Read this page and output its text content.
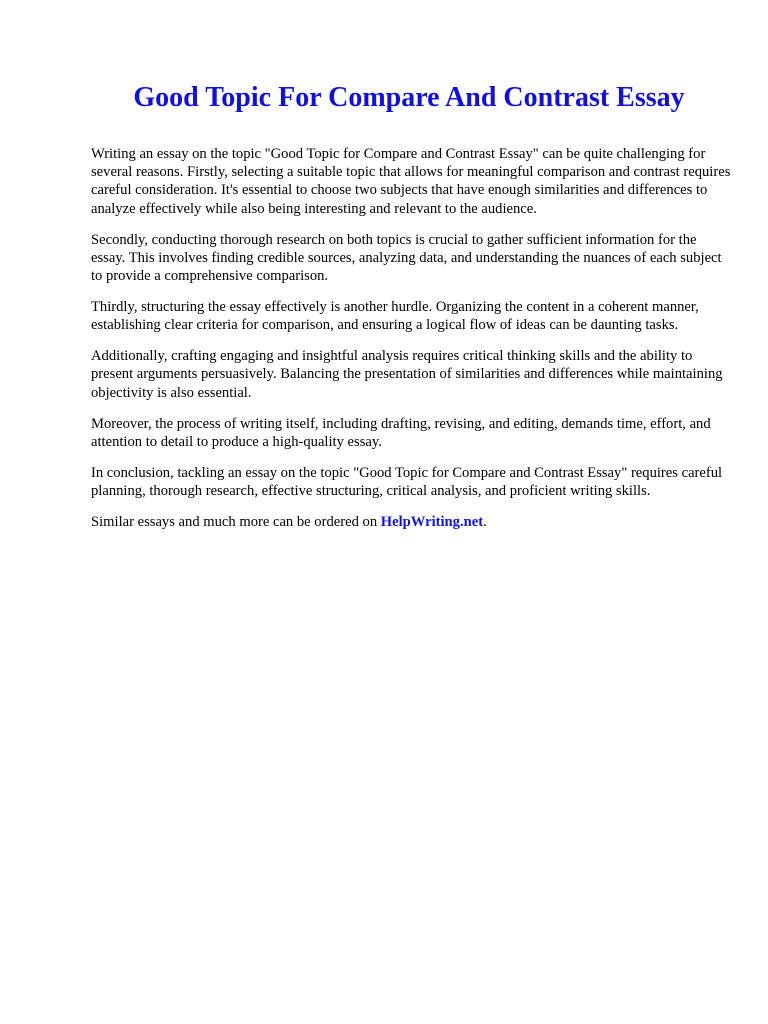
Good Topic For Compare And Contrast Essay

Writing an essay on the topic "Good Topic for Compare and Contrast Essay" can be quite challenging for several reasons. Firstly, selecting a suitable topic that allows for meaningful comparison and contrast requires careful consideration. It's essential to choose two subjects that have enough similarities and differences to analyze effectively while also being interesting and relevant to the audience.

Secondly, conducting thorough research on both topics is crucial to gather sufficient information for the essay. This involves finding credible sources, analyzing data, and understanding the nuances of each subject to provide a comprehensive comparison.

Thirdly, structuring the essay effectively is another hurdle. Organizing the content in a coherent manner, establishing clear criteria for comparison, and ensuring a logical flow of ideas can be daunting tasks.

Additionally, crafting engaging and insightful analysis requires critical thinking skills and the ability to present arguments persuasively. Balancing the presentation of similarities and differences while maintaining objectivity is also essential.

Moreover, the process of writing itself, including drafting, revising, and editing, demands time, effort, and attention to detail to produce a high-quality essay.

In conclusion, tackling an essay on the topic "Good Topic for Compare and Contrast Essay" requires careful planning, thorough research, effective structuring, critical analysis, and proficient writing skills.

Similar essays and much more can be ordered on HelpWriting.net.
